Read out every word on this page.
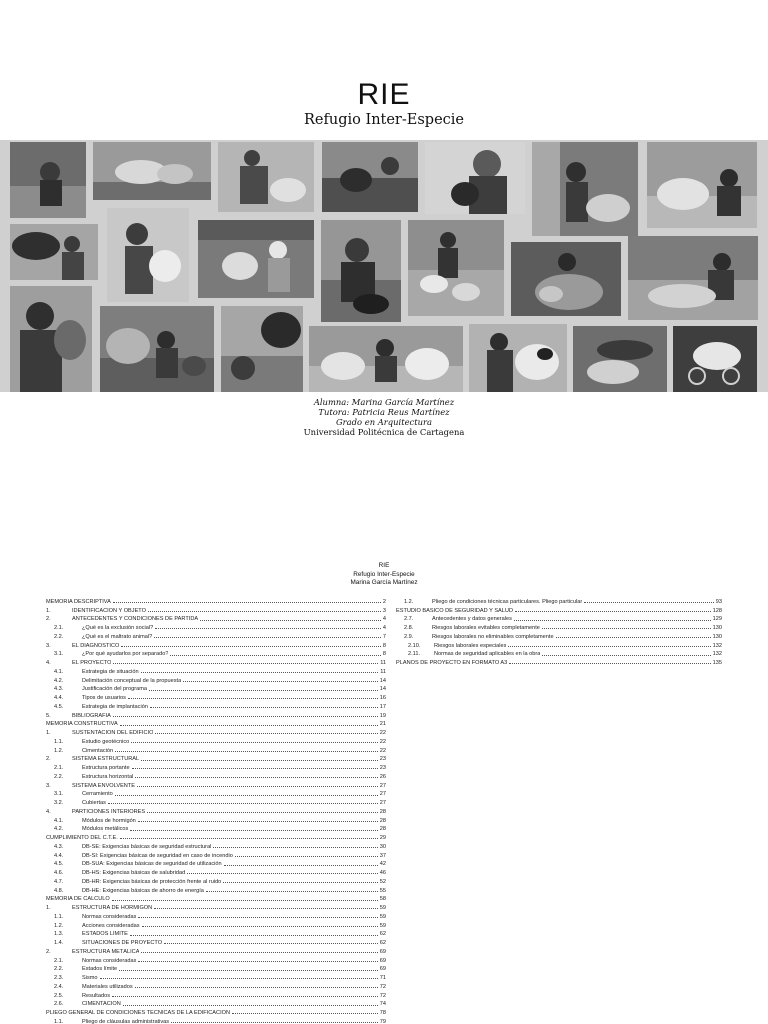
RIE
Refugio Inter-Especie
Alumna: Marina García Martínez
Tutora: Patricia Reus Martínez
Grado en Arquitectura
Universidad Politécnica de Cartagena
RIE
Refugio Inter-Especie
Marina García Martínez
MEMORIA DESCRIPTIVA	2
1.	IDENTIFICACIÓN Y OBJETO	3
2.	ANTECEDENTES Y CONDICIONES DE PARTIDA	4
2.1.	¿Qué es la exclusión social?	4
2.2.	¿Qué es el maltrato animal?	7
3.	EL DIAGNÓSTICO	8
3.1.	¿Por qué ayudarlos por separado?	8
4.	EL PROYECTO	11
4.1.	Estrategia de situación	11
4.2.	Delimitación conceptual de la propuesta	14
4.3.	Justificación del programa	14
4.4.	Tipos de usuarios	16
4.5.	Estrategia de implantación	17
5.	BIBLIOGRAFÍA	19
MEMORIA CONSTRUCTIVA	21
1.	SUSTENTACIÓN DEL EDIFICIO	22
1.1.	Estudio geotécnico	22
1.2.	Cimentación	22
2.	SISTEMA ESTRUCTURAL	23
2.1.	Estructura portante	23
2.2.	Estructura horizontal	26
3.	SISTEMA ENVOLVENTE	27
3.1.	Cerramiento	27
3.2.	Cubiertas	27
4.	PARTICIONES INTERIORES	28
4.1.	Módulos de hormigón	28
4.2.	Módulos metálicos	28
CUMPLIMIENTO DEL C.T.E.	29
4.3.	DB-SE: Exigencias básicas de seguridad estructural	30
4.4.	DB-SI: Exigencias básicas de seguridad en caso de incendio	37
4.5.	DB-SUA: Exigencias básicas de seguridad de utilización	42
4.6.	DB-HS: Exigencias básicas de salubridad	46
4.7.	DB-HR: Exigencias básicas de protección frente al ruido	52
4.8.	DB-HE: Exigencias básicas de ahorro de energía	55
MEMORIA DE CÁLCULO	58
1.	ESTRUCTURA DE HORMIGÓN	59
1.1.	Normas consideradas	59
1.2.	Acciones consideradas	59
1.3.	ESTADOS LÍMITE	62
1.4.	SITUACIONES DE PROYECTO	62
2.	ESTRUCTURA METÁLICA	69
2.1.	Normas consideradas	69
2.2.	Estados límite	69
2.3.	Sismo	71
2.4.	Materiales utilizados	72
2.5.	Resultados	72
2.6.	CIMENTACIÓN	74
PLIEGO GENERAL DE CONDICIONES TÉCNICAS DE LA EDIFICACIÓN	78
1.1.	Pliego de cláusulas administrativas	79
1.2.	Pliego de condiciones técnicas particulares. Pliego particular	93
ESTUDIO BÁSICO DE SEGURIDAD Y SALUD	128
2.7.	Antecedentes y datos generales	129
2.8.	Riesgos laborales evitables completamente	130
2.9.	Riesgos laborales no eliminables completamente	130
2.10.	Riesgos laborales especiales	132
2.11.	Normas de seguridad aplicables en la obra	132
PLANOS DE PROYECTO EN FORMATO A3	135
